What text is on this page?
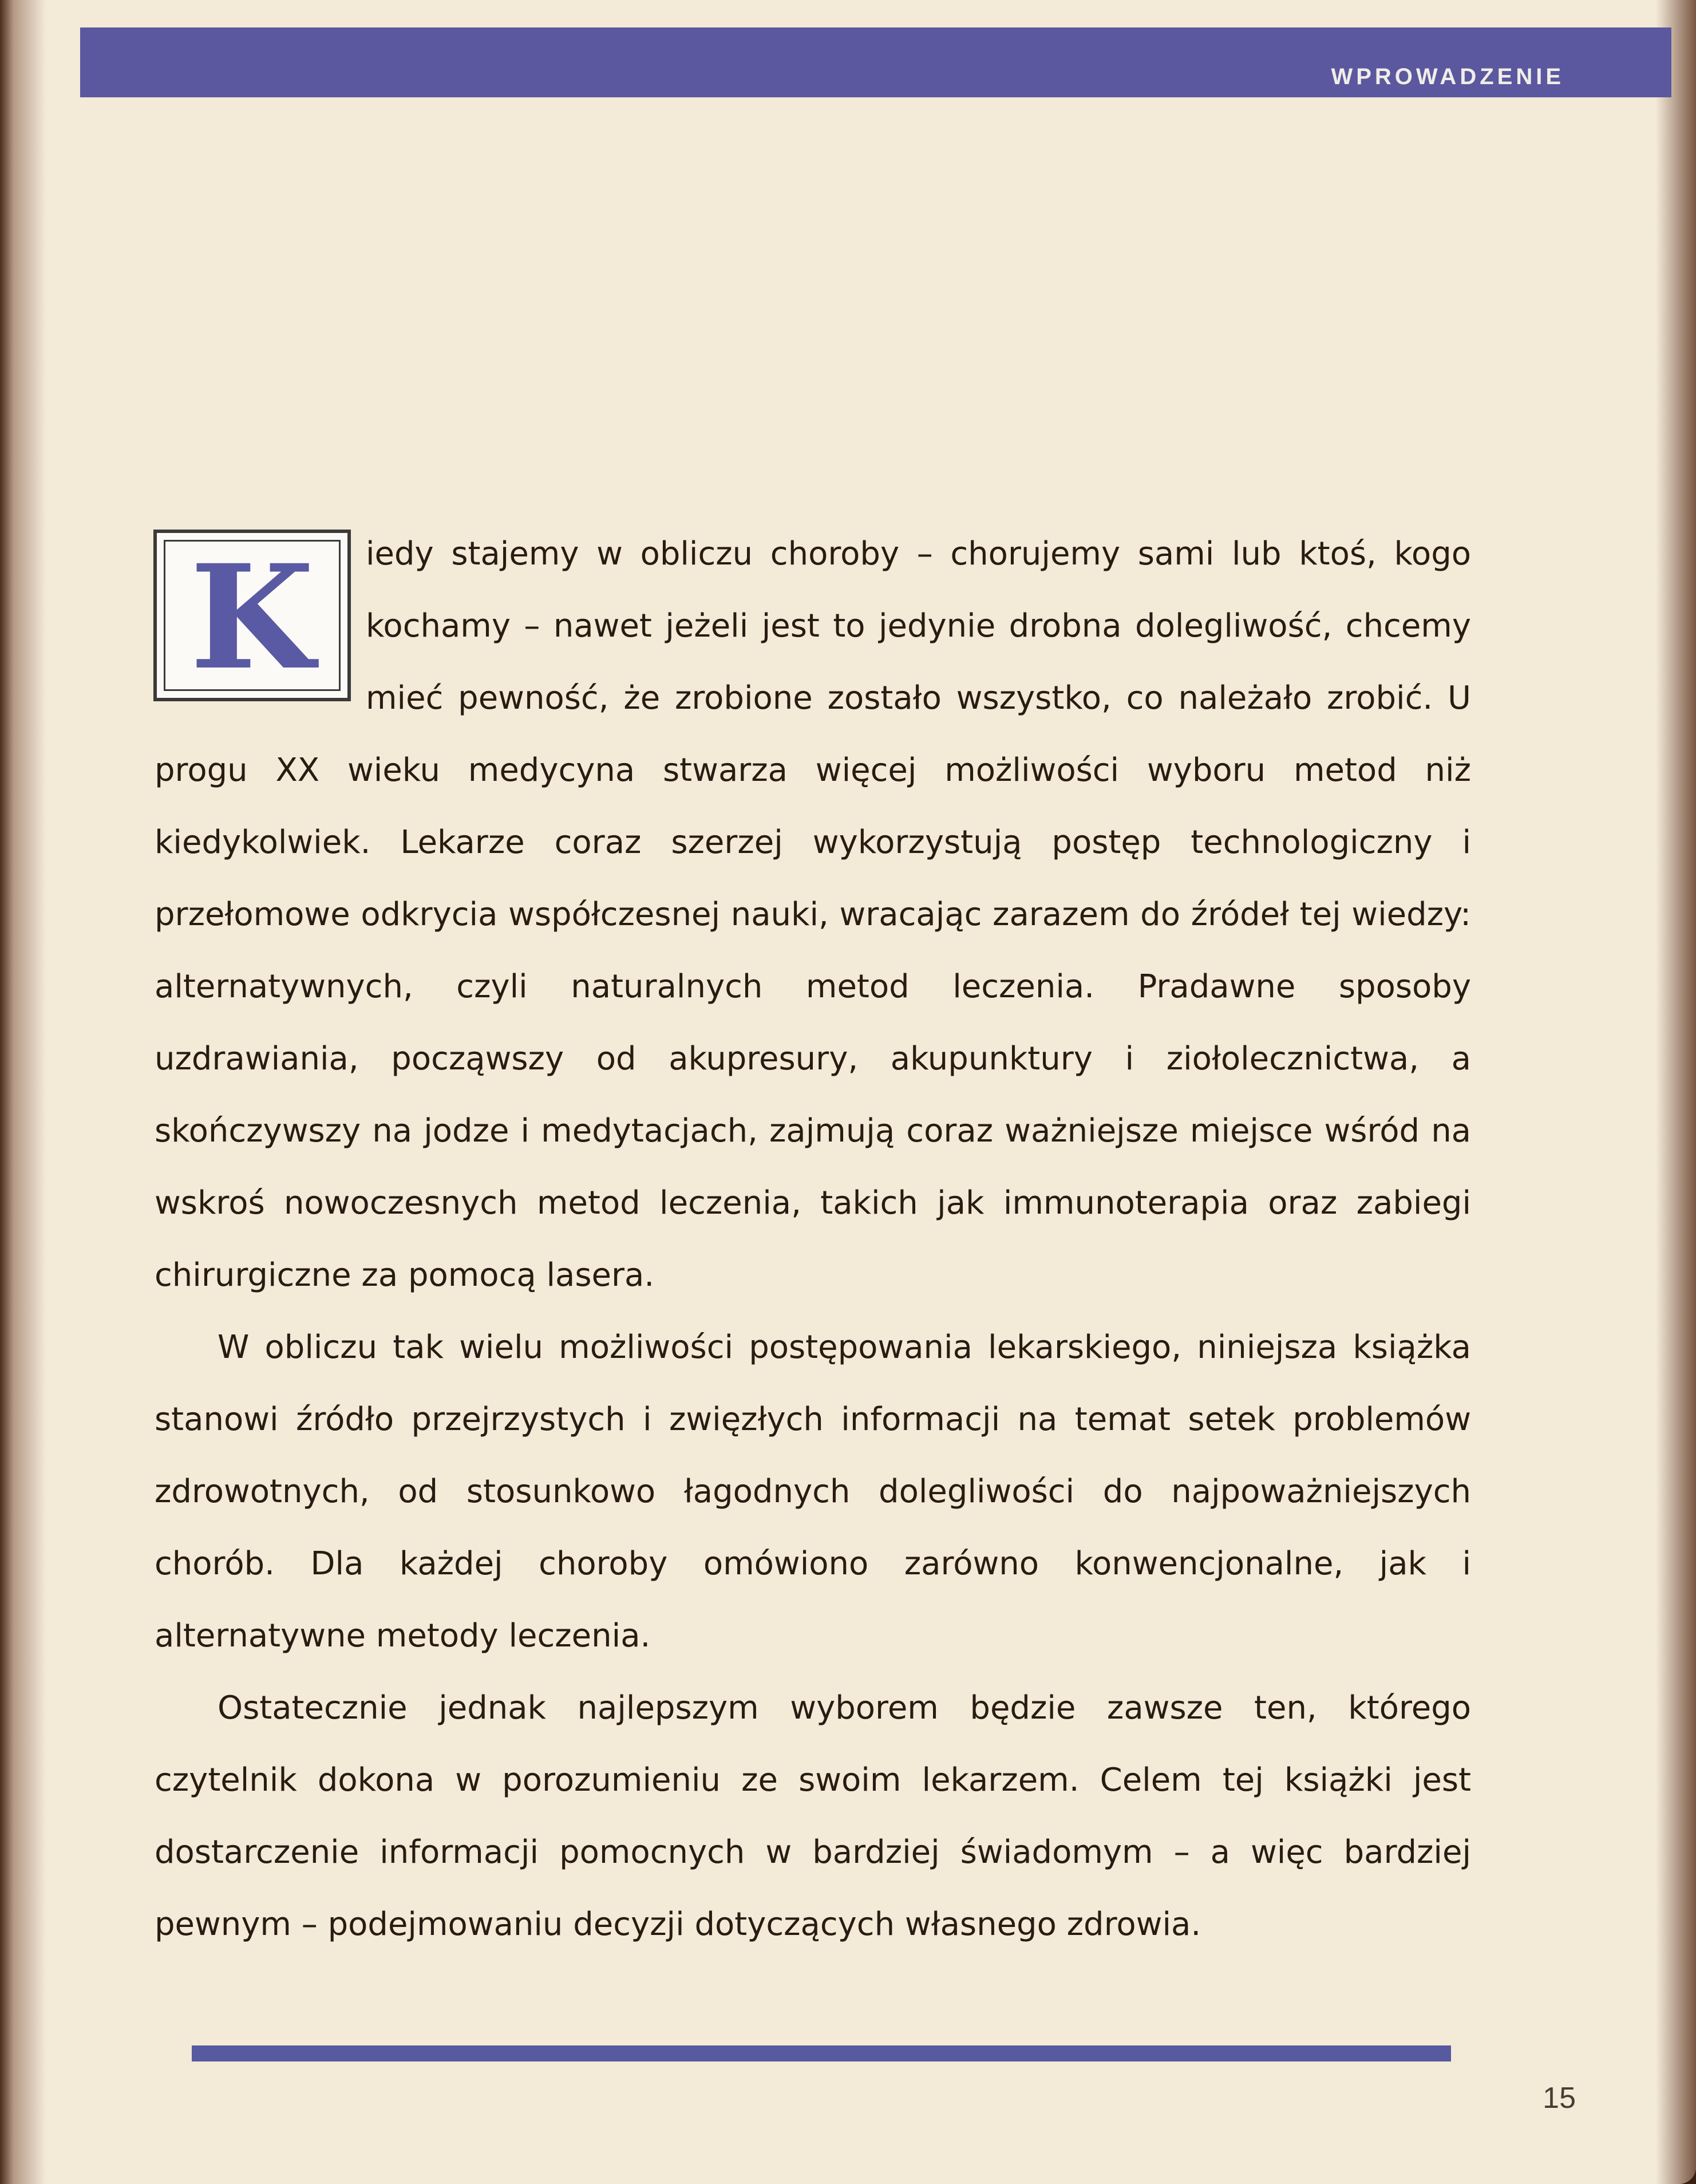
WPROWADZENIE

K	iedy stajemy w obliczu choroby – chorujemy sami lub ktoś, kogo kochamy – nawet jeżeli jest to jedynie drobna dolegliwość, chcemy mieć pewność, że zrobione zostało wszystko, co należało zrobić. U progu XX wieku medycyna stwarza więcej możliwości wyboru metod niż kiedykolwiek. Lekarze coraz szerzej wykorzystują postęp technologiczny i przełomowe odkrycia współczesnej nauki, wracając zarazem do źródeł tej wiedzy: alternatywnych, czyli naturalnych metod leczenia. Pradawne sposoby uzdrawiania, począwszy od akupresury, akupunktury i ziołolecznictwa, a skończywszy na jodze i medytacjach, zajmują coraz ważniejsze miejsce wśród na wskroś nowoczesnych metod leczenia, takich jak immunoterapia oraz zabiegi chirurgiczne za pomocą lasera.

W obliczu tak wielu możliwości postępowania lekarskiego, niniejsza książka stanowi źródło przejrzystych i zwięzłych informacji na temat setek problemów zdrowotnych, od stosunkowo łagodnych dolegliwości do najpoważniejszych chorób. Dla każdej choroby omówiono zarówno konwencjonalne, jak i alternatywne metody leczenia.

Ostatecznie jednak najlepszym wyborem będzie zawsze ten, którego czytelnik dokona w porozumieniu ze swoim lekarzem. Celem tej książki jest dostarczenie informacji pomocnych w bardziej świadomym – a więc bardziej pewnym – podejmowaniu decyzji dotyczących własnego zdrowia.

15
